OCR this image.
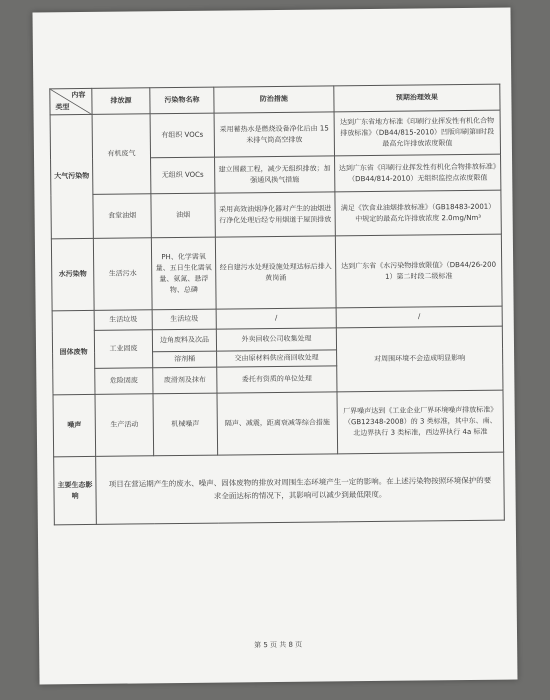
内容
类型	排放源	污染物名称	防治措施	预期治理效果
大气污染物	有机废气	有组织 VOCs	采用蓄热水是燃烧设备净化后由 15 米排气筒高空排放	达到广东省地方标准《印刷行业挥发性有机化合物排放标准》（DB44/815-2010）凹版印刷第II时段最高允许排放浓度限值
		无组织 VOCs	建立围蔽工程，减少无组织排放；加强通风换气措施	达到广东省《印刷行业挥发性有机化合物排放标准》（DB44/814-2010）无组织监控点浓度限值
	食堂油烟	油烟	采用高效油烟净化器对产生的油烟进行净化处理后经专用烟道于屋顶排放	满足《饮食业油烟排放标准》（GB18483-2001）中规定的最高允许排放浓度 2.0mg/Nm³
水污染物	生活污水	PH、化学需氧量、五日生化需氧量、氨氮、悬浮物、总磷	经自建污水处理设施处理达标后排入黄岗涌	达到广东省《水污染物排放限值》（DB44/26-2001）第二时段二级标准
固体废物	生活垃圾	生活垃圾	/	/
	工业固废	边角废料及次品	外卖回收公司收集处理	对周围环境不会造成明显影响
		溶剂桶	交由原材料供应商回收处理	
	危险固废	废滑剂及抹布	委托有资质的单位处理	

噪声	生产活动	机械噪声	隔声、减震，距离衰减等综合措施	厂界噪声达到《工业企业厂界环境噪声排放标准》（GB12348-2008）的 3 类标准，其中东、南、北边界执行 3 类标准，西边界执行 4a 标准
主要生态影响	项目在营运期产生的废水、噪声、固体废物的排放对周围生态环境产生一定的影响。在上述污染物按照环境保护的要求全面达标的情况下，其影响可以减少到最低限度。			
第 5 页 共 8 页
